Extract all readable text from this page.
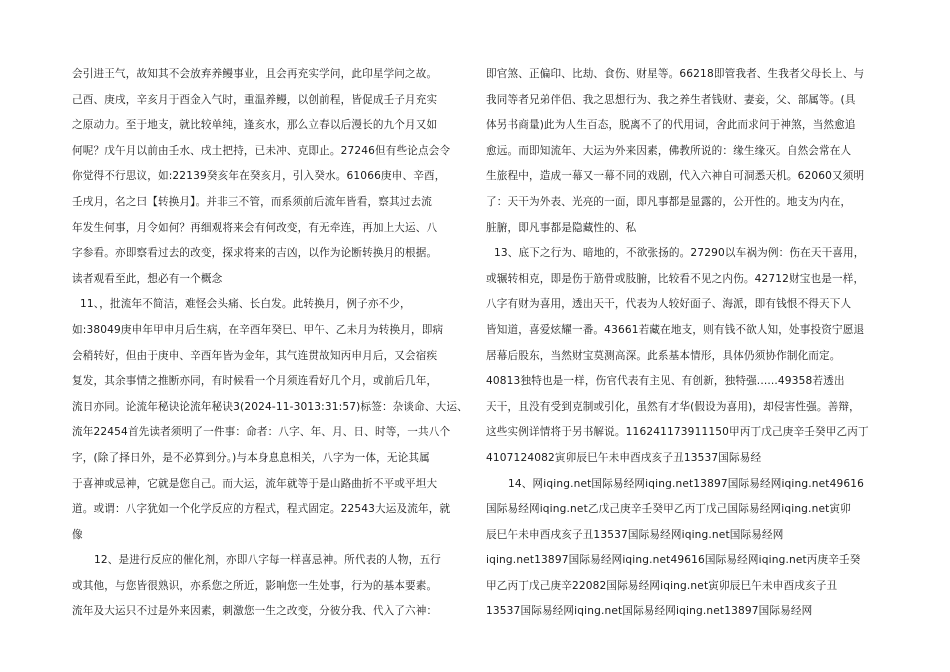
会引进王气，故知其不会放弃养鳗事业，且会再充实学问，此印星学问之故。
己酉、庚戌，辛亥月于酉金入气时，重温养鳗，以创前程，皆促成壬子月充实
之原动力。至于地支，就比较单纯，逢亥水，那么立春以后漫长的九个月又如
何呢？戊午月以前由壬水、戌土把持，已未冲、克即止。27246但有些论点会令
你觉得不行思议，如:22139癸亥年在癸亥月，引入癸水。61066庚申、辛酉，
壬戌月，名之曰【转换月】。并非三不管，而系须前后流年皆看，察其过去流
年发生何事，月令如何？再细观将来会有何改变，有无牵连，再加上大运、八
字参看。亦即察看过去的改变，探求将来的吉凶，以作为论断转换月的根据。
读者观看至此，想必有一个概念
11、，批流年不简洁，难怪会头痛、长白发。此转换月，例子亦不少，
如:38049庚申年甲申月后生病，在辛酉年癸巳、甲午、乙未月为转换月，即病
会稍转好，但由于庚申、辛酉年皆为金年，其气连贯故知丙申月后，又会宿疾
复发，其余事情之推断亦同，有时候看一个月须连看好几个月，或前后几年，
流日亦同。论流年秘诀论流年秘诀3(2024-11-3013:31:57)标签：杂谈命、大运、
流年22454首先读者须明了一件事：命者：八字、年、月、日、时等，一共八个
字，(除了择日外，是不必算到分。)与本身息息相关，八字为一体，无论其属
于喜神或忌神，它就是您自己。而大运，流年就等于是山路曲折不平或平坦大
道。或谓：八字犹如一个化学反应的方程式，程式固定。22543大运及流年，就
像
12、是进行反应的催化剂，亦即八字每一样喜忌神。所代表的人物，五行
或其他，与您皆很熟识，亦系您之所近，影响您一生处事，行为的基本要素。
流年及大运只不过是外来因素，刺激您一生之改变，分彼分我、代入了六神：
即官煞、正偏印、比劫、食伤、财星等。66218即管我者、生我者父母长上、与
我同等者兄弟伴侣、我之思想行为、我之养生者钱财、妻妾，父、部属等。(具
体另书商量)此为人生百态，脱离不了的代用词，舍此而求问于神煞，当然愈追
愈远。而即知流年、大运为外来因素，佛教所说的：缘生缘灭。自然会常在人
生旅程中，造成一幕又一幕不同的戏剧，代入六神自可洞悉天机。62060又须明
了：天干为外表、光亮的一面，即凡事都是显露的，公开性的。地支为内在，
脏腑，即凡事都是隐藏性的、私
13、底下之行为、暗地的，不欲张扬的。27290以车祸为例：伤在天干喜用，
或辗转相克，即是伤于筋骨或肢腑，比较看不见之内伤。42712财宝也是一样，
八字有财为喜用，透出天干，代表为人较好面子、海派，即有钱恨不得天下人
皆知道，喜爱炫耀一番。43661若藏在地支，则有钱不欲人知，处事投资宁愿退
居幕后股东，当然财宝莫测高深。此系基本情形，具体仍须协作制化而定。
40813独特也是一样，伤官代表有主见、有创新，独特强......49358若透出
天干，且没有受到克制或引化，虽然有才华(假设为喜用)，却侵害性强。善辩，
这些实例详情将于另书解说。116241173911150甲丙丁戊己庚辛壬癸甲乙丙丁
4107124082寅卯辰巳午未申酉戌亥子丑13537国际易经
14、网iqing.net国际易经网iqing.net13897国际易经网iqing.net49616
国际易经网iqing.net乙戊己庚辛壬癸甲乙丙丁戊己国际易经网iqing.net寅卯
辰巳午未申酉戌亥子丑13537国际易经网iqing.net国际易经网
iqing.net13897国际易经网iqing.net49616国际易经网iqing.net丙庚辛壬癸
甲乙丙丁戊己庚辛22082国际易经网iqing.net寅卯辰巳午未申酉戌亥子丑
13537国际易经网iqing.net国际易经网iqing.net13897国际易经网
